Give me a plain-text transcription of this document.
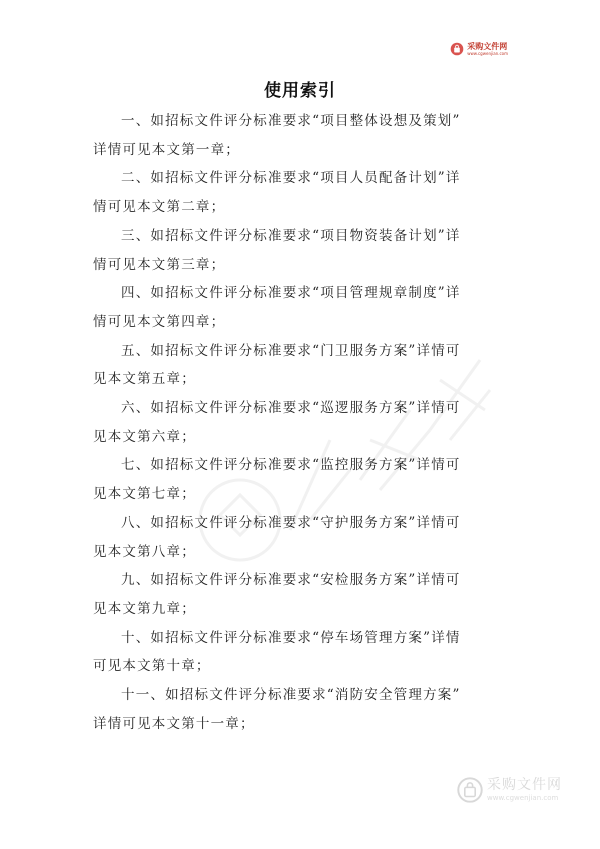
采购文件网
www.cgwenjian.com
使用索引
一、如招标文件评分标准要求“项目整体设想及策划”
详情可见本文第一章；
二、如招标文件评分标准要求“项目人员配备计划”详
情可见本文第二章；
三、如招标文件评分标准要求“项目物资装备计划”详
情可见本文第三章；
四、如招标文件评分标准要求“项目管理规章制度”详
情可见本文第四章；
五、如招标文件评分标准要求“门卫服务方案”详情可
见本文第五章；
六、如招标文件评分标准要求“巡逻服务方案”详情可
见本文第六章；
七、如招标文件评分标准要求“监控服务方案”详情可
见本文第七章；
八、如招标文件评分标准要求“守护服务方案”详情可
见本文第八章；
九、如招标文件评分标准要求“安检服务方案”详情可
见本文第九章；
十、如招标文件评分标准要求“停车场管理方案”详情
可见本文第十章；
十一、如招标文件评分标准要求“消防安全管理方案”
详情可见本文第十一章；
采购文件网
www.cgwenjian.com
